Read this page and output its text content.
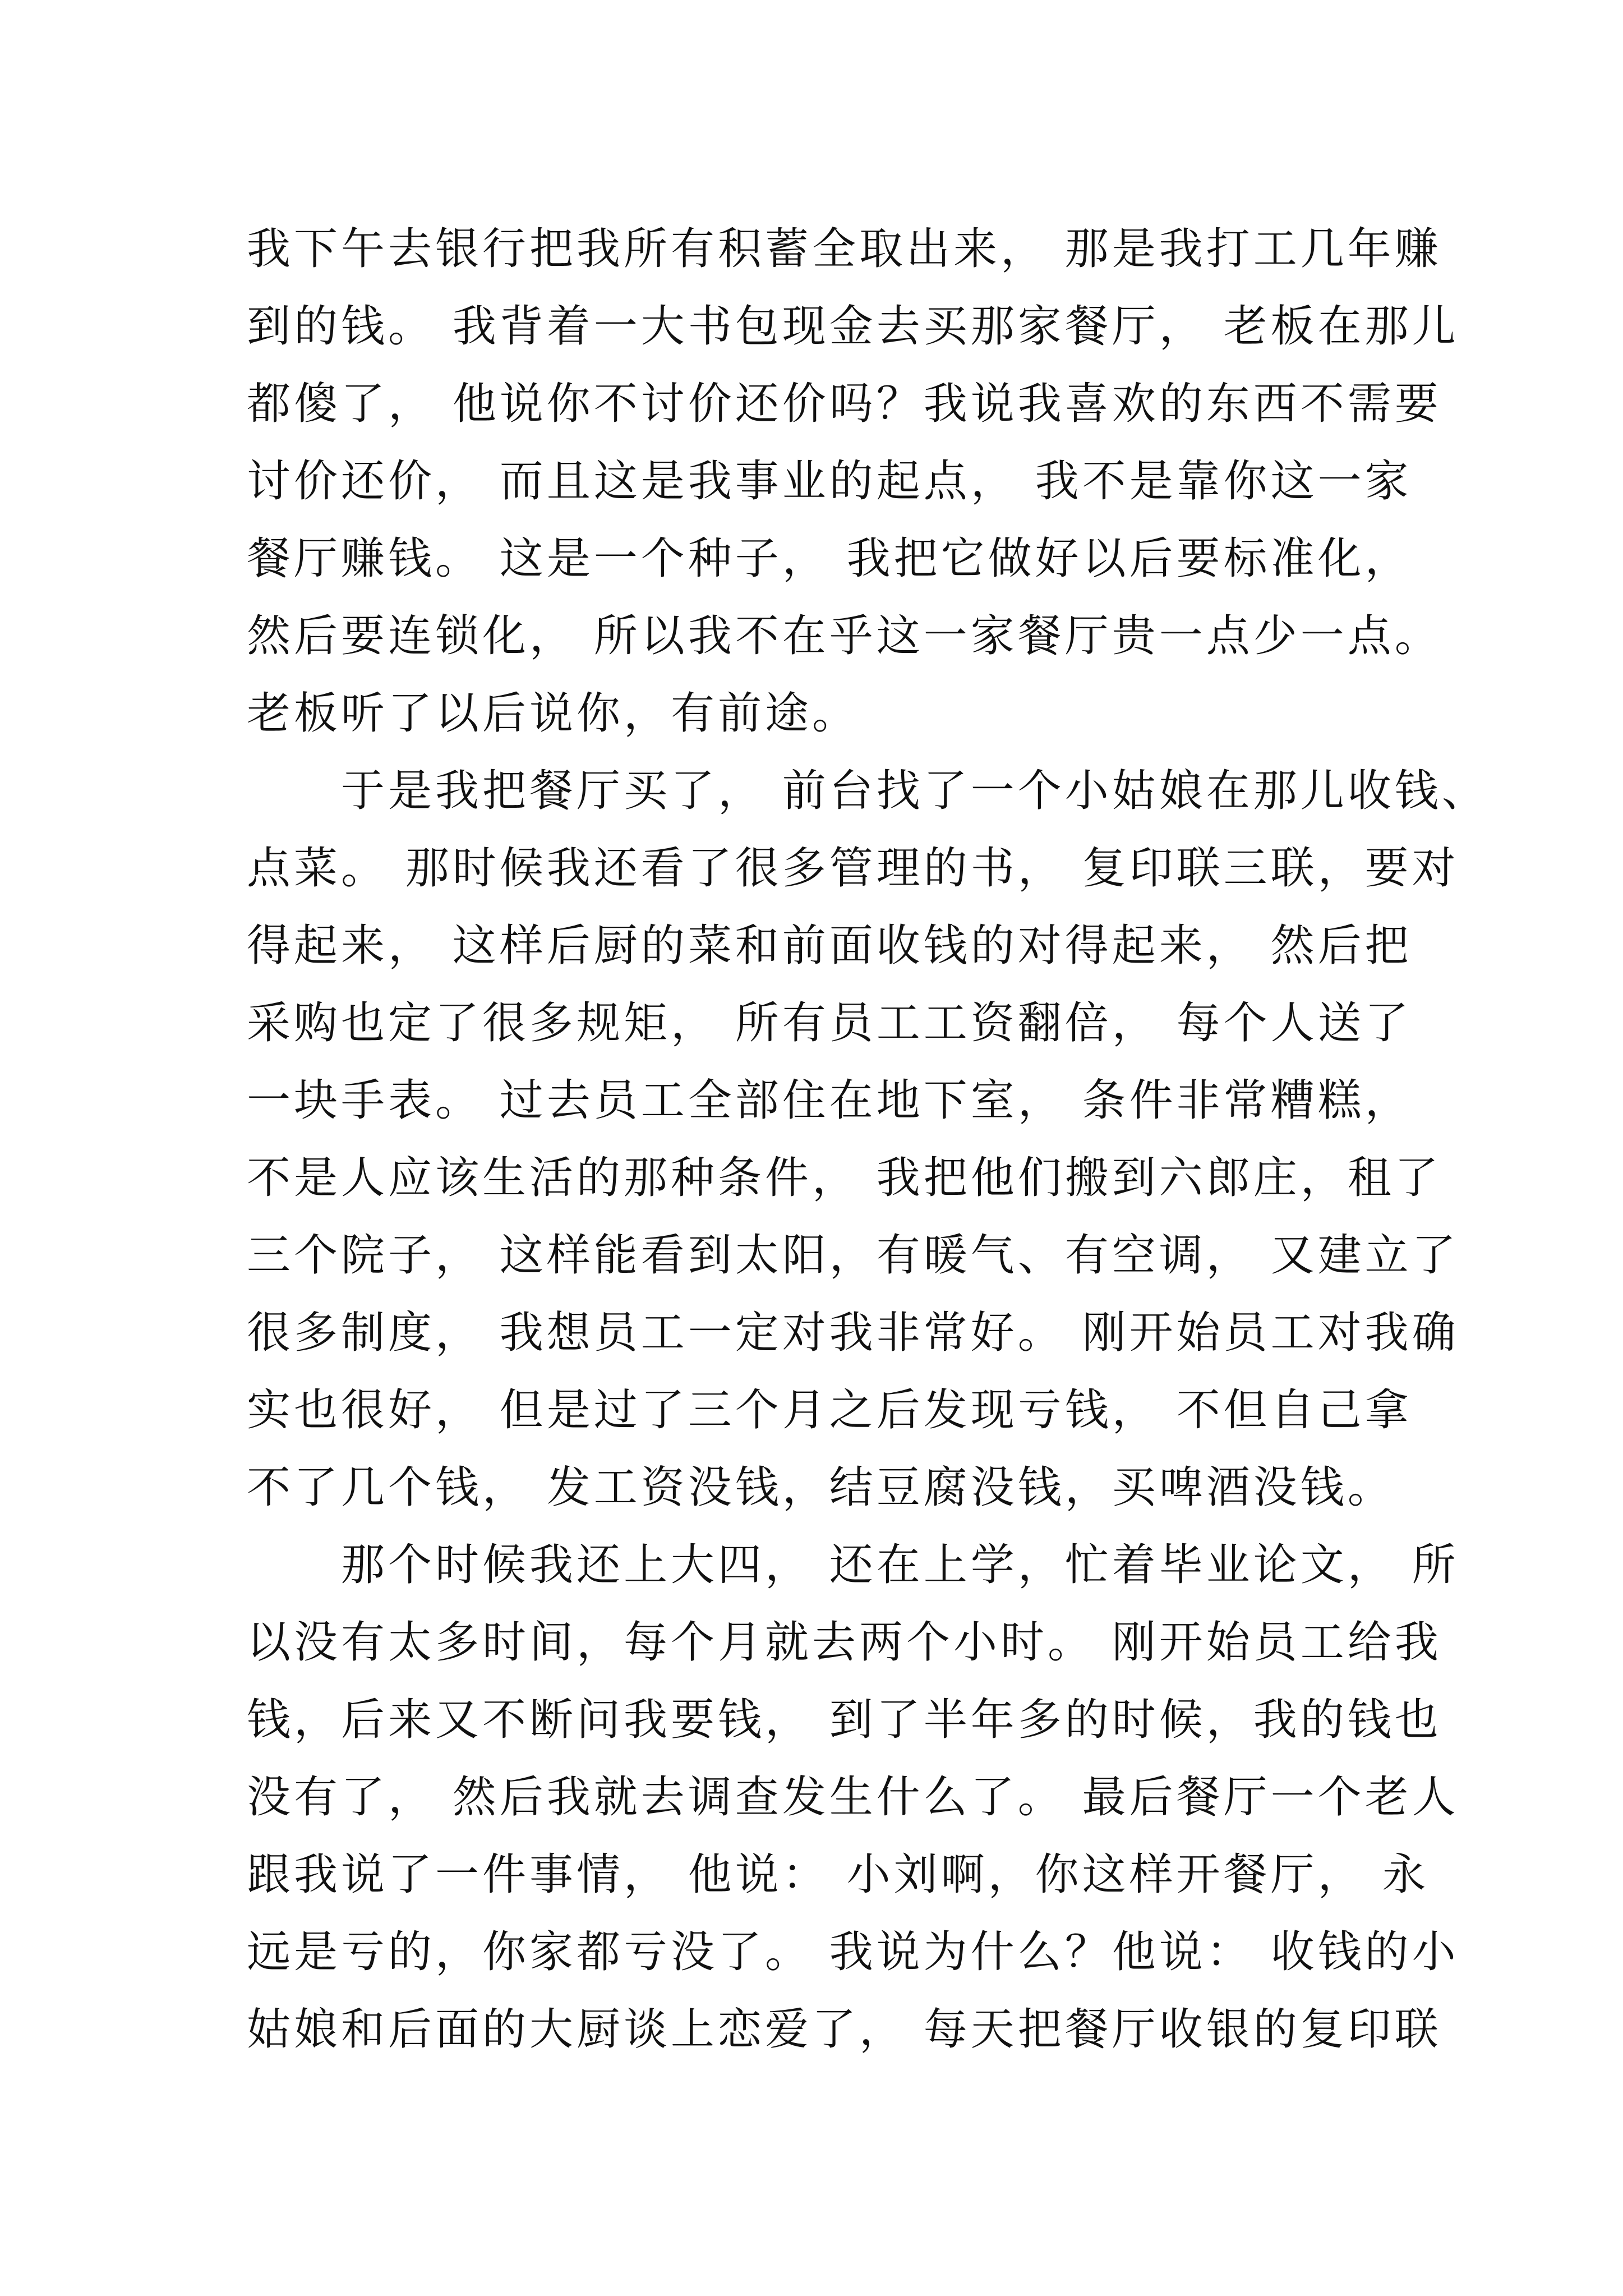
我下午去银行把我所有积蓄全取出来， 那是我打工几年赚
到的钱。 我背着一大书包现金去买那家餐厅， 老板在那儿
都傻了， 他说你不讨价还价吗？我说我喜欢的东西不需要
讨价还价， 而且这是我事业的起点， 我不是靠你这一家
餐厅赚钱。 这是一个种子， 我把它做好以后要标准化，
然后要连锁化， 所以我不在乎这一家餐厅贵一点少一点。
老板听了以后说你，有前途。
　　于是我把餐厅买了， 前台找了一个小姑娘在那儿收钱、
点菜。 那时候我还看了很多管理的书， 复印联三联，要对
得起来， 这样后厨的菜和前面收钱的对得起来， 然后把
采购也定了很多规矩， 所有员工工资翻倍， 每个人送了
一块手表。 过去员工全部住在地下室， 条件非常糟糕，
不是人应该生活的那种条件， 我把他们搬到六郎庄，租了
三个院子， 这样能看到太阳，有暖气、有空调， 又建立了
很多制度， 我想员工一定对我非常好。 刚开始员工对我确
实也很好， 但是过了三个月之后发现亏钱， 不但自己拿
不了几个钱， 发工资没钱，结豆腐没钱，买啤酒没钱。
　　那个时候我还上大四， 还在上学，忙着毕业论文， 所
以没有太多时间，每个月就去两个小时。 刚开始员工给我
钱，后来又不断问我要钱， 到了半年多的时候，我的钱也
没有了， 然后我就去调查发生什么了。 最后餐厅一个老人
跟我说了一件事情， 他说： 小刘啊，你这样开餐厅， 永
远是亏的，你家都亏没了。 我说为什么？他说： 收钱的小
姑娘和后面的大厨谈上恋爱了， 每天把餐厅收银的复印联
